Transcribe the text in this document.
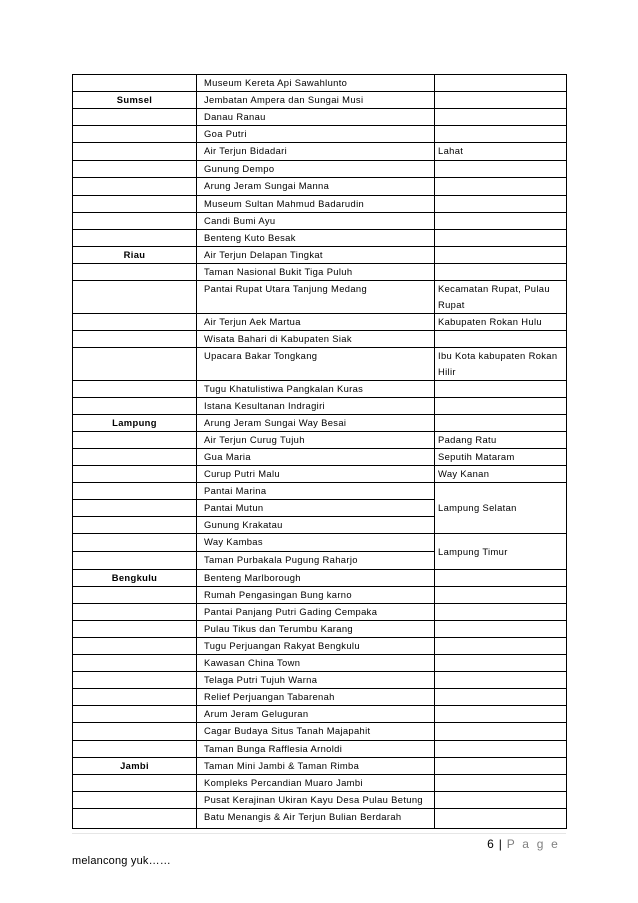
	Museum Kereta Api Sawahlunto	
Sumsel	Jembatan Ampera dan Sungai Musi	
	Danau Ranau	
	Goa Putri	
	Air Terjun Bidadari	Lahat
	Gunung Dempo	
	Arung Jeram Sungai Manna	
	Museum Sultan Mahmud Badarudin	
	Candi Bumi Ayu	
	Benteng Kuto Besak	
Riau	Air Terjun Delapan Tingkat	
	Taman Nasional Bukit Tiga Puluh	
	Pantai Rupat Utara Tanjung Medang	Kecamatan Rupat, Pulau Rupat
	Air Terjun Aek Martua	Kabupaten Rokan Hulu
	Wisata Bahari di Kabupaten Siak	
	Upacara Bakar Tongkang	Ibu Kota kabupaten Rokan Hilir
	Tugu Khatulistiwa Pangkalan Kuras	
	Istana Kesultanan Indragiri	
Lampung	Arung Jeram Sungai Way Besai	
	Air Terjun Curug Tujuh	Padang Ratu
	Gua Maria	Seputih Mataram
	Curup Putri Malu	Way Kanan
	Pantai Marina	Lampung Selatan
	Pantai Mutun	
	Gunung Krakatau	
	Way Kambas	Lampung Timur
	Taman Purbakala Pugung Raharjo	
Bengkulu	Benteng Marlborough	
	Rumah Pengasingan Bung karno	
	Pantai Panjang Putri Gading Cempaka	
	Pulau Tikus dan Terumbu Karang	
	Tugu Perjuangan Rakyat Bengkulu	
	Kawasan China Town	
	Telaga Putri Tujuh Warna	
	Relief Perjuangan Tabarenah	
	Arum Jeram Geluguran	
	Cagar Budaya Situs Tanah Majapahit	
	Taman Bunga Rafflesia Arnoldi	
Jambi	Taman Mini Jambi & Taman Rimba	
	Kompleks Percandian Muaro Jambi	
	Pusat Kerajinan Ukiran Kayu Desa Pulau Betung	
	Batu Menangis & Air Terjun Bulian Berdarah	
6 | P a g e
melancong yuk……
